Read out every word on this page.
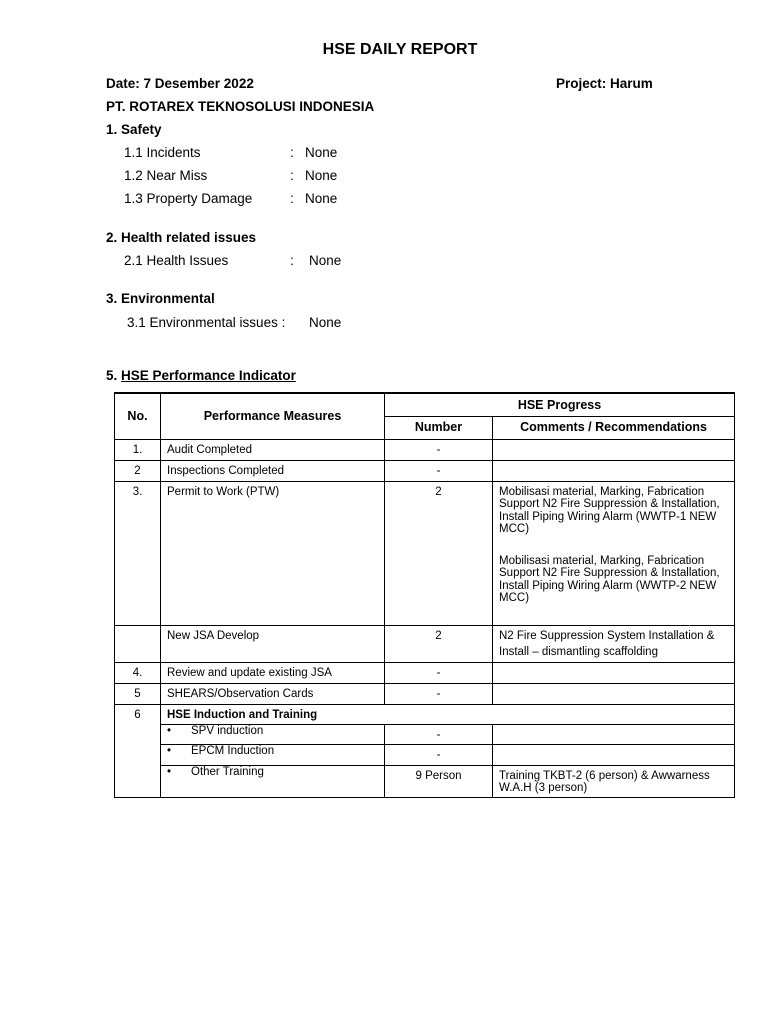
HSE DAILY REPORT
Date: 7 Desember 2022	Project: Harum
PT. ROTAREX TEKNOSOLUSI INDONESIA
1. Safety
1.1 Incidents	: None
1.2 Near Miss	: None
1.3 Property Damage	: None
2. Health related issues
2.1 Health Issues	: None
3. Environmental
3.1 Environmental issues : None
5. HSE Performance Indicator
No.	Performance Measures	HSE Progress	
		Number	Comments / Recommendations
1.	Audit Completed	-	
2	Inspections Completed	-	
3.	Permit to Work (PTW)	2	Mobilisasi material, Marking, Fabrication Support N2 Fire Suppression & Installation, Install Piping Wiring Alarm (WWTP-1 NEW MCC)
Mobilisasi material, Marking, Fabrication Support N2 Fire Suppression & Installation, Install Piping Wiring Alarm (WWTP-2 NEW MCC)

	New JSA Develop	2	N2 Fire Suppression System Installation & Install – dismantling scaffolding
4.	Review and update existing JSA	-	
5	SHEARS/Observation Cards	-	
6	HSE Induction and Training		
	• SPV induction	-	
	• EPCM Induction	-	
	• Other Training	9 Person	Training TKBT-2 (6 person) & Awwarness W.A.H (3 person)
